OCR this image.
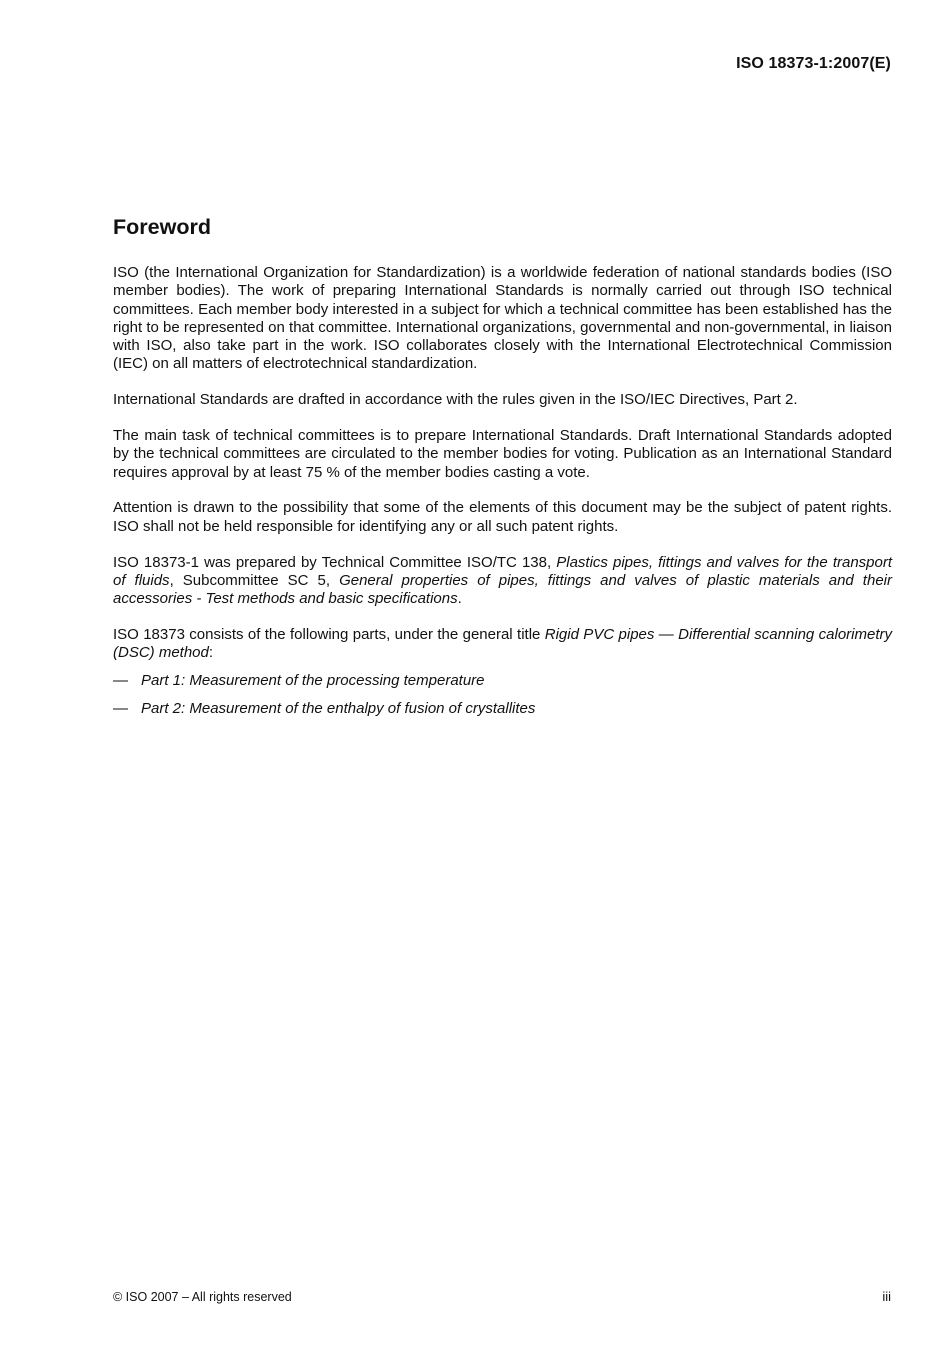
ISO 18373-1:2007(E)
Foreword

ISO (the International Organization for Standardization) is a worldwide federation of national standards bodies (ISO member bodies). The work of preparing International Standards is normally carried out through ISO technical committees. Each member body interested in a subject for which a technical committee has been established has the right to be represented on that committee. International organizations, governmental and non-governmental, in liaison with ISO, also take part in the work. ISO collaborates closely with the International Electrotechnical Commission (IEC) on all matters of electrotechnical standardization.

International Standards are drafted in accordance with the rules given in the ISO/IEC Directives, Part 2.

The main task of technical committees is to prepare International Standards. Draft International Standards adopted by the technical committees are circulated to the member bodies for voting. Publication as an International Standard requires approval by at least 75 % of the member bodies casting a vote.

Attention is drawn to the possibility that some of the elements of this document may be the subject of patent rights. ISO shall not be held responsible for identifying any or all such patent rights.

ISO 18373-1 was prepared by Technical Committee ISO/TC 138, Plastics pipes, fittings and valves for the transport of fluids, Subcommittee SC 5, General properties of pipes, fittings and valves of plastic materials and their accessories - Test methods and basic specifications.

ISO 18373 consists of the following parts, under the general title Rigid PVC pipes — Differential scanning calorimetry (DSC) method:

— Part 1: Measurement of the processing temperature
— Part 2: Measurement of the enthalpy of fusion of crystallites
© ISO 2007 – All rights reserved	iii
